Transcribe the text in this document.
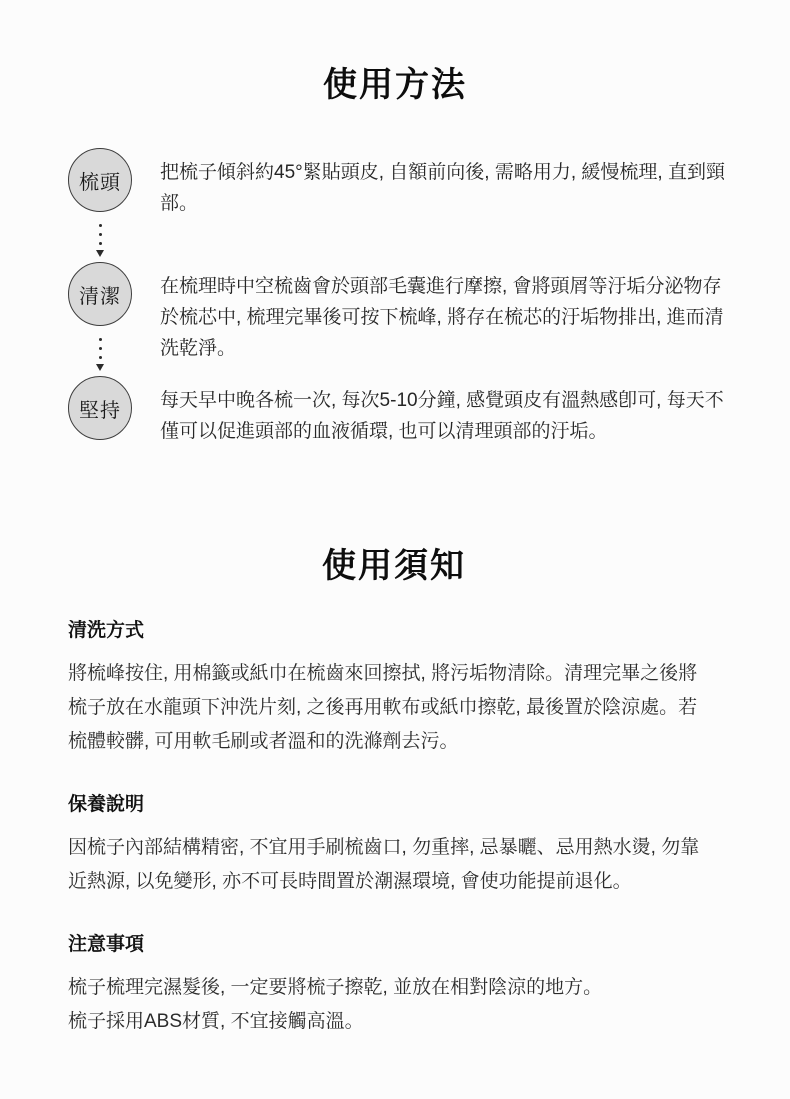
使用方法
梳頭	把梳子傾斜約45°緊貼頭皮, 自額前向後, 需略用力, 緩慢梳理, 直到頸部。

清潔	在梳理時中空梳齒會於頭部毛囊進行摩擦, 會將頭屑等汙垢分泌物存於梳芯中, 梳理完畢後可按下梳峰, 將存在梳芯的汙垢物排出, 進而清洗乾淨。

堅持	每天早中晚各梳一次, 每次5-10分鐘, 感覺頭皮有溫熱感卽可, 每天不僅可以促進頭部的血液循環, 也可以清理頭部的汙垢。

使用須知
清洗方式

將梳峰按住, 用棉籤或紙巾在梳齒來回擦拭, 將污垢物清除。清理完畢之後將梳子放在水龍頭下沖洗片刻, 之後再用軟布或紙巾擦乾, 最後置於陰涼處。若梳體較髒, 可用軟毛刷或者溫和的洗滌劑去污。

保養說明

因梳子內部結構精密, 不宜用手刷梳齒口, 勿重摔, 忌暴曬、忌用熱水燙, 勿靠近熱源, 以免變形, 亦不可長時間置於潮濕環境, 會使功能提前退化。

注意事項

梳子梳理完濕髮後, 一定要將梳子擦乾, 並放在相對陰涼的地方。

梳子採用ABS材質, 不宜接觸高溫。
